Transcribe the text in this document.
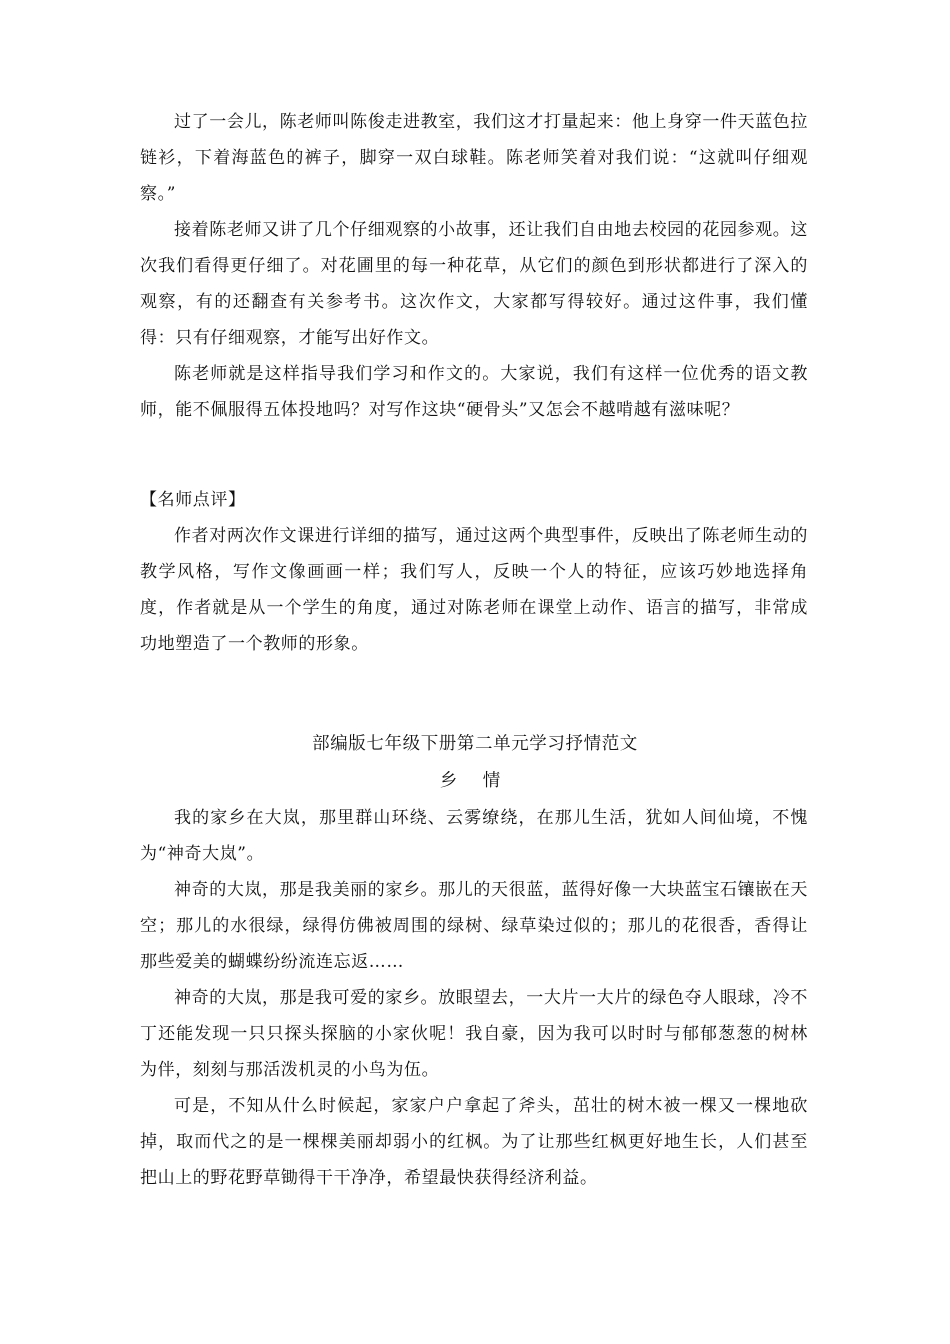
过了一会儿，陈老师叫陈俊走进教室，我们这才打量起来：他上身穿一件天蓝色拉链衫，下着海蓝色的裤子，脚穿一双白球鞋。陈老师笑着对我们说：“这就叫仔细观察。”

接着陈老师又讲了几个仔细观察的小故事，还让我们自由地去校园的花园参观。这次我们看得更仔细了。对花圃里的每一种花草，从它们的颜色到形状都进行了深入的观察，有的还翻查有关参考书。这次作文，大家都写得较好。通过这件事，我们懂得：只有仔细观察，才能写出好作文。

陈老师就是这样指导我们学习和作文的。大家说，我们有这样一位优秀的语文教师，能不佩服得五体投地吗？对写作这块“硬骨头”又怎会不越啃越有滋味呢？

【名师点评】

作者对两次作文课进行详细的描写，通过这两个典型事件，反映出了陈老师生动的教学风格，写作文像画画一样；我们写人，反映一个人的特征，应该巧妙地选择角度，作者就是从一个学生的角度，通过对陈老师在课堂上动作、语言的描写，非常成功地塑造了一个教师的形象。

部编版七年级下册第二单元学习抒情范文
乡 情

我的家乡在大岚，那里群山环绕、云雾缭绕，在那儿生活，犹如人间仙境，不愧为“神奇大岚”。

神奇的大岚，那是我美丽的家乡。那儿的天很蓝，蓝得好像一大块蓝宝石镶嵌在天空；那儿的水很绿，绿得仿佛被周围的绿树、绿草染过似的；那儿的花很香，香得让那些爱美的蝴蝶纷纷流连忘返……

神奇的大岚，那是我可爱的家乡。放眼望去，一大片一大片的绿色夺人眼球，冷不丁还能发现一只只探头探脑的小家伙呢！我自豪，因为我可以时时与郁郁葱葱的树林为伴，刻刻与那活泼机灵的小鸟为伍。

可是，不知从什么时候起，家家户户拿起了斧头，茁壮的树木被一棵又一棵地砍掉，取而代之的是一棵棵美丽却弱小的红枫。为了让那些红枫更好地生长，人们甚至把山上的野花野草锄得干干净净，希望最快获得经济利益。
